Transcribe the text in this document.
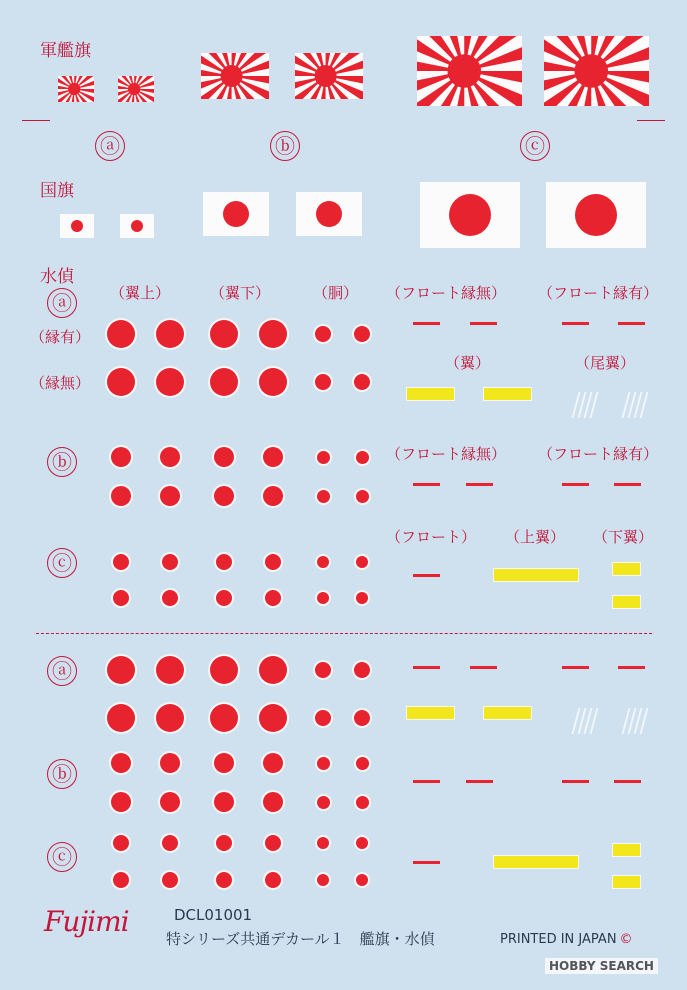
軍艦旗
ⓐ	ⓑ	ⓒ
国旗
水偵
ⓐ	（翼上）	（翼下）	（胴） （フロート縁無） （フロート縁有）
（縁有）
（縁無）
（翼）	（尾翼）
ⓑ	（フロート縁無） （フロート縁有）
ⓒ
（フロート） （上翼） （下翼）
ⓐ
ⓑ
ⓒ
Fujimi	DCL01001
特シリーズ共通デカール１　艦旗・水偵	PRINTED IN JAPAN ©
HOBBY SEARCH
